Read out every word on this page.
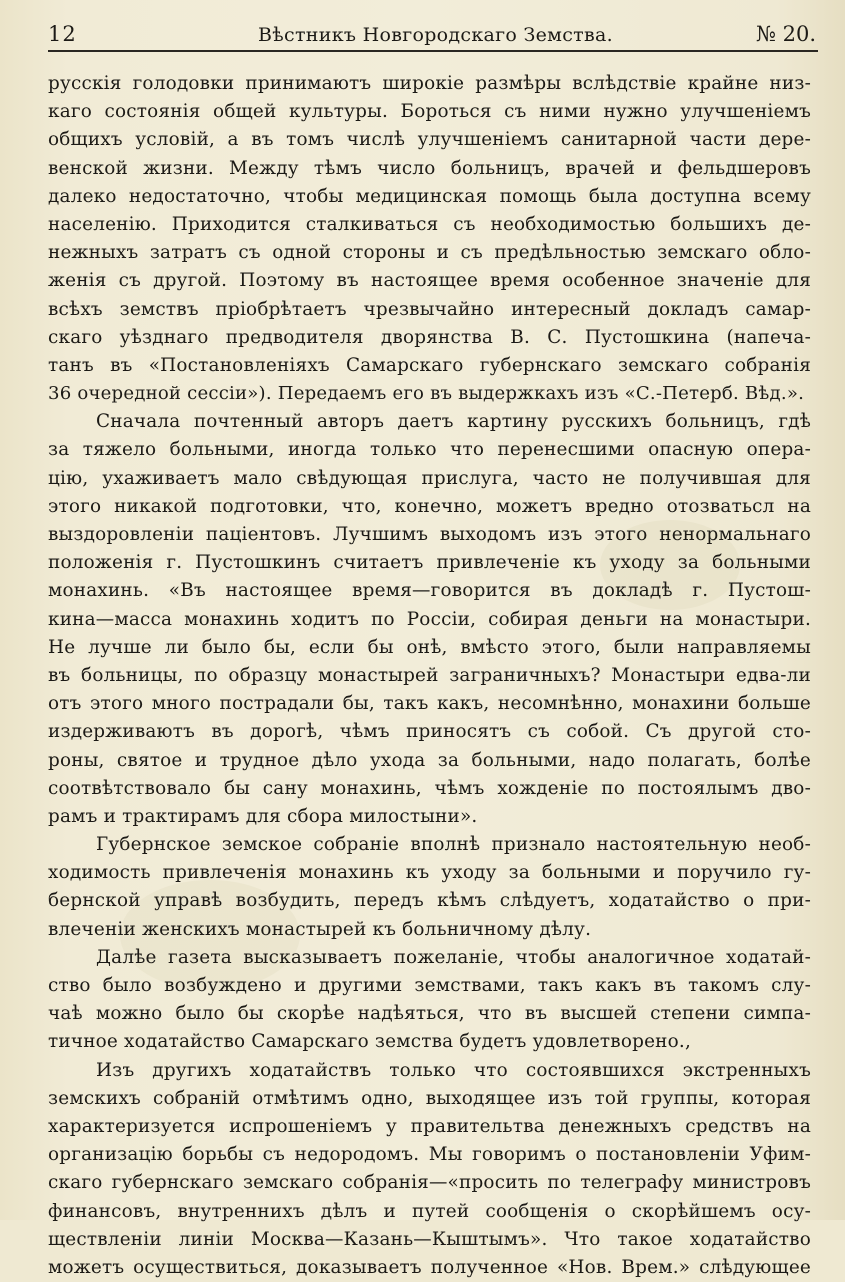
12	Вѣстникъ Новгородскаго Земства.	№ 20.
русскія голодовки принимаютъ широкіе размѣры вслѣдствіе крайне низ-
каго состоянія общей культуры. Бороться съ ними нужно улучшеніемъ
общихъ условій, а въ томъ числѣ улучшеніемъ санитарной части дере-
венской жизни. Между тѣмъ число больницъ, врачей и фельдшеровъ
далеко недостаточно, чтобы медицинская помощь была доступна всему
населенію. Приходится сталкиваться съ необходимостью большихъ де-
нежныхъ затратъ съ одной стороны и съ предѣльностью земскаго обло-
женія съ другой. Поэтому въ настоящее время особенное значеніе для
всѣхъ земствъ пріобрѣтаетъ чрезвычайно интересный докладъ самар-
скаго уѣзднаго предводителя дворянства В. С. Пустошкина (напеча-
танъ въ «Постановленіяхъ Самарскаго губернскаго земскаго собранія
36 очередной сессіи»). Передаемъ его въ выдержкахъ изъ «С.-Петерб. Вѣд.».
Сначала почтенный авторъ даетъ картину русскихъ больницъ, гдѣ
за тяжело больными, иногда только что перенесшими опасную опера-
цію, ухаживаетъ мало свѣдующая прислуга, часто не получившая для
этого никакой подготовки, что, конечно, можетъ вредно отозватьсл на
выздоровленіи паціентовъ. Лучшимъ выходомъ изъ этого ненормальнаго
положенія г. Пустошкинъ считаетъ привлеченіе къ уходу за больными
монахинь. «Въ настоящее время—говорится въ докладѣ г. Пустош-
кина—масса монахинь ходитъ по Россіи, собирая деньги на монастыри.
Не лучше ли было бы, если бы онѣ, вмѣсто этого, были направляемы
въ больницы, по образцу монастырей заграничныхъ? Монастыри едва-ли
отъ этого много пострадали бы, такъ какъ, несомнѣнно, монахини больше
издерживаютъ въ дорогѣ, чѣмъ приносятъ съ собой. Съ другой сто-
роны, святое и трудное дѣло ухода за больными, надо полагать, болѣе
соотвѣтствовало бы сану монахинь, чѣмъ хожденіе по постоялымъ дво-
рамъ и трактирамъ для сбора милостыни».
Губернское земское собраніе вполнѣ признало настоятельную необ-
ходимость привлеченія монахинь къ уходу за больными и поручило гу-
бернской управѣ возбудить, передъ кѣмъ слѣдуетъ, ходатайство о при-
влеченіи женскихъ монастырей къ больничному дѣлу.
Далѣе газета высказываетъ пожеланіе, чтобы аналогичное ходатай-
ство было возбуждено и другими земствами, такъ какъ въ такомъ слу-
чаѣ можно было бы скорѣе надѣяться, что въ высшей степени симпа-
тичное ходатайство Самарскаго земства будетъ удовлетворено.,
Изъ другихъ ходатайствъ только что состоявшихся экстренныхъ
земскихъ собраній отмѣтимъ одно, выходящее изъ той группы, которая
характеризуется испрошеніемъ у правительтва денежныхъ средствъ на
организацію борьбы съ недородомъ. Мы говоримъ о постановленіи Уфим-
скаго губернскаго земскаго собранія—«просить по телеграфу министровъ
финансовъ, внутреннихъ дѣлъ и путей сообщенія о скорѣйшемъ осу-
ществленіи линіи Москва—Казань—Кыштымъ». Что такое ходатайство
можетъ осуществиться, доказываетъ полученное «Нов. Врем.» слѣдующее
